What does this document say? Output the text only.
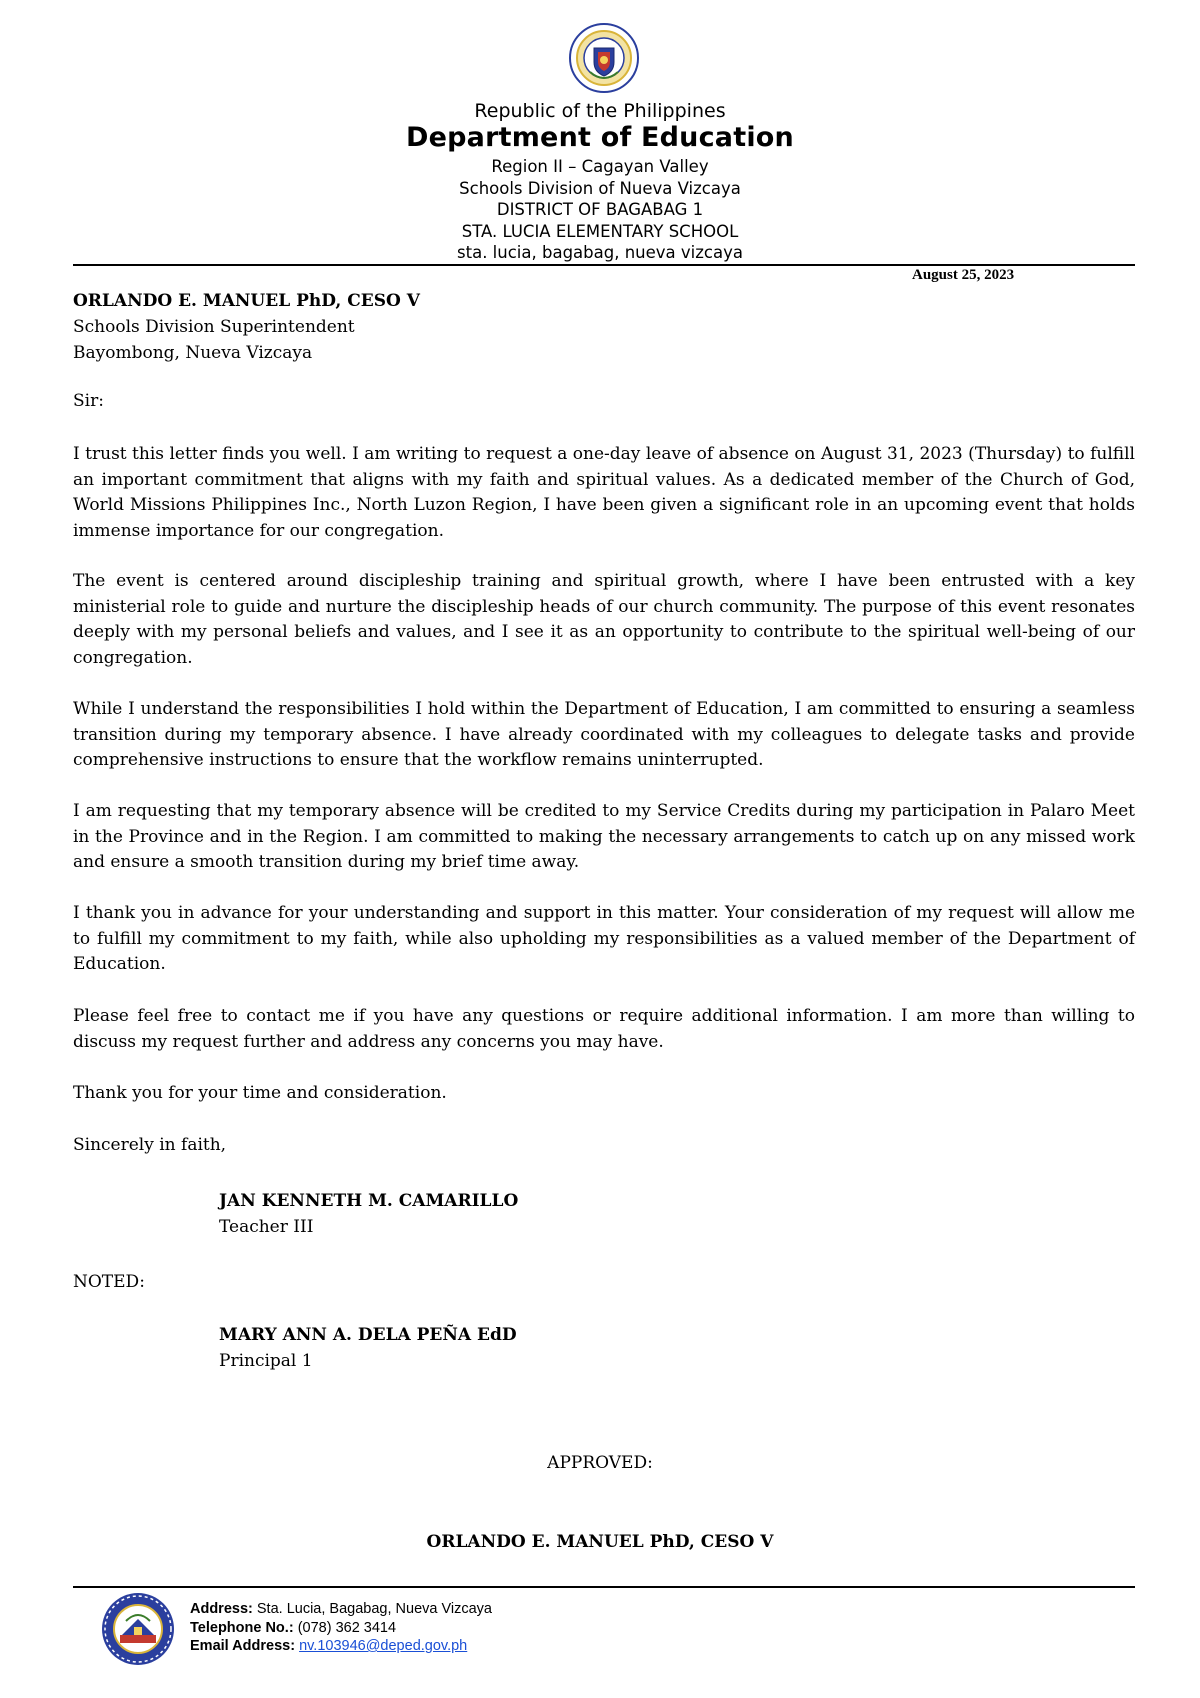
Republic of the Philippines
Department of Education
Region II – Cagayan Valley
Schools Division of Nueva Vizcaya
DISTRICT OF BAGABAG 1
STA. LUCIA ELEMENTARY SCHOOL
sta. lucia, bagabag, nueva vizcaya
August 25, 2023
ORLANDO E. MANUEL PhD, CESO V
Schools Division Superintendent
Bayombong, Nueva Vizcaya
Sir:

I trust this letter finds you well. I am writing to request a one-day leave of absence on August 31, 2023 (Thursday) to fulfill an important commitment that aligns with my faith and spiritual values. As a dedicated member of the Church of God, World Missions Philippines Inc., North Luzon Region, I have been given a significant role in an upcoming event that holds immense importance for our congregation.

The event is centered around discipleship training and spiritual growth, where I have been entrusted with a key ministerial role to guide and nurture the discipleship heads of our church community. The purpose of this event resonates deeply with my personal beliefs and values, and I see it as an opportunity to contribute to the spiritual well-being of our congregation.

While I understand the responsibilities I hold within the Department of Education, I am committed to ensuring a seamless transition during my temporary absence. I have already coordinated with my colleagues to delegate tasks and provide comprehensive instructions to ensure that the workflow remains uninterrupted.

I am requesting that my temporary absence will be credited to my Service Credits during my participation in Palaro Meet in the Province and in the Region. I am committed to making the necessary arrangements to catch up on any missed work and ensure a smooth transition during my brief time away.

I thank you in advance for your understanding and support in this matter. Your consideration of my request will allow me to fulfill my commitment to my faith, while also upholding my responsibilities as a valued member of the Department of Education.

Please feel free to contact me if you have any questions or require additional information. I am more than willing to discuss my request further and address any concerns you may have.

Thank you for your time and consideration.

Sincerely in faith,

JAN KENNETH M. CAMARILLO
Teacher III
NOTED:
MARY ANN A. DELA PEÑA EdD
Principal 1
APPROVED:
ORLANDO E. MANUEL PhD, CESO V
Address: Sta. Lucia, Bagabag, Nueva Vizcaya
Telephone No.: (078) 362 3414
Email Address: nv.103946@deped.gov.ph
